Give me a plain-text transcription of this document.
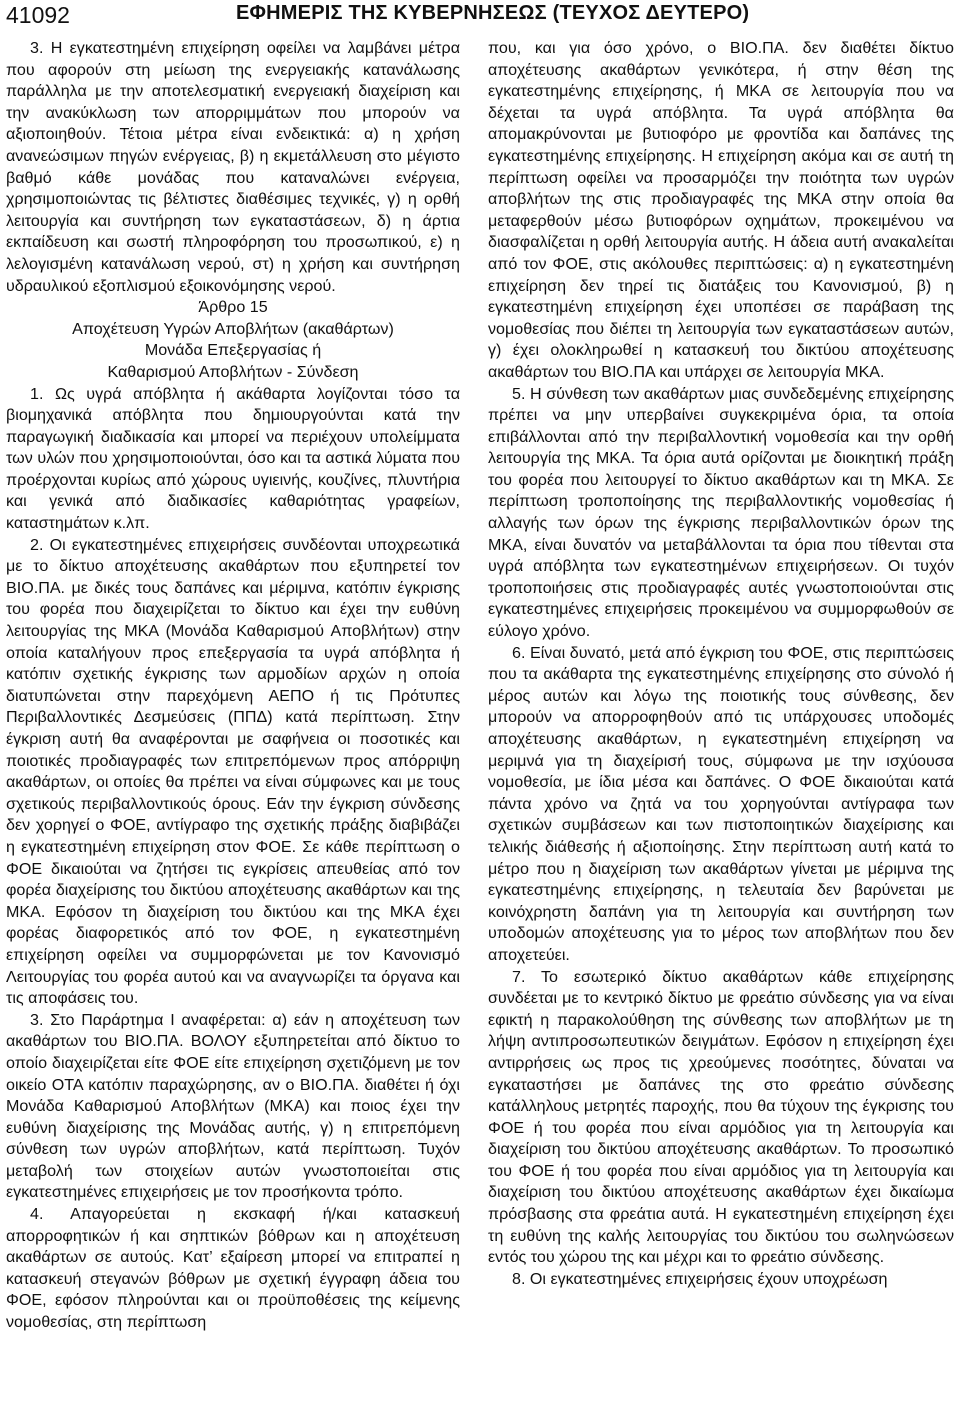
41092	ΕΦΗΜΕΡΙΣ ΤΗΣ ΚΥΒΕΡΝΗΣΕΩΣ (ΤΕΥΧΟΣ ΔΕΥΤΕΡΟ)

3. Η εγκατεστημένη επιχείρηση οφείλει να λαμβάνει μέτρα που αφορούν στη μείωση της ενεργειακής κατανάλωσης παράλληλα με την αποτελεσματική ενεργειακή διαχείριση και την ανακύκλωση των απορριμμάτων που μπορούν να αξιοποιηθούν. Τέτοια μέτρα είναι ενδεικτικά: α) η χρήση ανανεώσιμων πηγών ενέργειας, β) η εκμετάλλευση στο μέγιστο βαθμό κάθε μονάδας που καταναλώνει ενέργεια, χρησιμοποιώντας τις βέλτιστες διαθέσιμες τεχνικές, γ) η ορθή λειτουργία και συντήρηση των εγκαταστάσεων, δ) η άρτια εκπαίδευση και σωστή πληροφόρηση του προσωπικού, ε) η λελογισμένη κατανάλωση νερού, στ) η χρήση και συντήρηση υδραυλικού εξοπλισμού εξοικονόμησης νερού.

Άρθρο 15

Αποχέτευση Υγρών Αποβλήτων (ακαθάρτων)

Μονάδα Επεξεργασίας ή

Καθαρισμού Αποβλήτων - Σύνδεση

1. Ως υγρά απόβλητα ή ακάθαρτα λογίζονται τόσο τα βιομηχανικά απόβλητα που δημιουργούνται κατά την παραγωγική διαδικασία και μπορεί να περιέχουν υπολείμματα των υλών που χρησιμοποιούνται, όσο και τα αστικά λύματα που προέρχονται κυρίως από χώρους υγιεινής, κουζίνες, πλυντήρια και γενικά από διαδικασίες καθαριότητας γραφείων, καταστημάτων κ.λπ.

2. Οι εγκατεστημένες επιχειρήσεις συνδέονται υποχρεωτικά με το δίκτυο αποχέτευσης ακαθάρτων που εξυπηρετεί τον ΒΙΟ.ΠΑ. με δικές τους δαπάνες και μέριμνα, κατόπιν έγκρισης του φορέα που διαχειρίζεται το δίκτυο και έχει την ευθύνη λειτουργίας της ΜΚΑ (Μονάδα Καθαρισμού Αποβλήτων) στην οποία καταλήγουν προς επεξεργασία τα υγρά απόβλητα ή κατόπιν σχετικής έγκρισης των αρμοδίων αρχών η οποία διατυπώνεται στην παρεχόμενη ΑΕΠΟ ή τις Πρότυπες Περιβαλλοντικές Δεσμεύσεις (ΠΠΔ) κατά περίπτωση. Στην έγκριση αυτή θα αναφέρονται με σαφήνεια οι ποσοτικές και ποιοτικές προδιαγραφές των επιτρεπόμενων προς απόρριψη ακαθάρτων, οι οποίες θα πρέπει να είναι σύμφωνες και με τους σχετικούς περιβαλλοντικούς όρους. Εάν την έγκριση σύνδεσης δεν χορηγεί ο ΦΟΕ, αντίγραφο της σχετικής πράξης διαβιβάζει η εγκατεστημένη επιχείρηση στον ΦΟΕ. Σε κάθε περίπτωση ο ΦΟΕ δικαιούται να ζητήσει τις εγκρίσεις απευθείας από τον φορέα διαχείρισης του δικτύου αποχέτευσης ακαθάρτων και της ΜΚΑ. Εφόσον τη διαχείριση του δικτύου και της ΜΚΑ έχει φορέας διαφορετικός από τον ΦΟΕ, η εγκατεστημένη επιχείρηση οφείλει να συμμορφώνεται με τον Κανονισμό Λειτουργίας του φορέα αυτού και να αναγνωρίζει τα όργανα και τις αποφάσεις του.

3. Στο Παράρτημα Ι αναφέρεται: α) εάν η αποχέτευση των ακαθάρτων του ΒΙΟ.ΠΑ. ΒΟΛΟΥ εξυπηρετείται από δίκτυο το οποίο διαχειρίζεται είτε ΦΟΕ είτε επιχείρηση σχετιζόμενη με τον οικείο ΟΤΑ κατόπιν παραχώρησης, αν ο ΒΙΟ.ΠΑ. διαθέτει ή όχι Μονάδα Καθαρισμού Αποβλήτων (ΜΚΑ) και ποιος έχει την ευθύνη διαχείρισης της Μονάδας αυτής, γ) η επιτρεπόμενη σύνθεση των υγρών αποβλήτων, κατά περίπτωση. Τυχόν μεταβολή των στοιχείων αυτών γνωστοποιείται στις εγκατεστημένες επιχειρήσεις με τον προσήκοντα τρόπο.

4. Απαγορεύεται η εκσκαφή ή/και κατασκευή απορροφητικών ή και σηπτικών βόθρων και η αποχέτευση ακαθάρτων σε αυτούς. Κατ’ εξαίρεση μπορεί να επιτραπεί η κατασκευή στεγανών βόθρων με σχετική έγγραφη άδεια του ΦΟΕ, εφόσον πληρούνται και οι προϋποθέσεις της κείμενης νομοθεσίας, στη περίπτωση

που, και για όσο χρόνο, ο ΒΙΟ.ΠΑ. δεν διαθέτει δίκτυο αποχέτευσης ακαθάρτων γενικότερα, ή στην θέση της εγκατεστημένης επιχείρησης, ή ΜΚΑ σε λειτουργία που να δέχεται τα υγρά απόβλητα. Τα υγρά απόβλητα θα απομακρύνονται με βυτιοφόρο με φροντίδα και δαπάνες της εγκατεστημένης επιχείρησης. Η επιχείρηση ακόμα και σε αυτή τη περίπτωση οφείλει να προσαρμόζει την ποιότητα των υγρών αποβλήτων της στις προδιαγραφές της ΜΚΑ στην οποία θα μεταφερθούν μέσω βυτιοφόρων οχημάτων, προκειμένου να διασφαλίζεται η ορθή λειτουργία αυτής. Η άδεια αυτή ανακαλείται από τον ΦΟΕ, στις ακόλουθες περιπτώσεις: α) η εγκατεστημένη επιχείρηση δεν τηρεί τις διατάξεις του Κανονισμού, β) η εγκατεστημένη επιχείρηση έχει υποπέσει σε παράβαση της νομοθεσίας που διέπει τη λειτουργία των εγκαταστάσεων αυτών, γ) έχει ολοκληρωθεί η κατασκευή του δικτύου αποχέτευσης ακαθάρτων του ΒΙΟ.ΠΑ και υπάρχει σε λειτουργία ΜΚΑ.

5. Η σύνθεση των ακαθάρτων μιας συνδεδεμένης επιχείρησης πρέπει να μην υπερβαίνει συγκεκριμένα όρια, τα οποία επιβάλλονται από την περιβαλλοντική νομοθεσία και την ορθή λειτουργία της ΜΚΑ. Τα όρια αυτά ορίζονται με διοικητική πράξη του φορέα που λειτουργεί το δίκτυο ακαθάρτων και τη ΜΚΑ. Σε περίπτωση τροποποίησης της περιβαλλοντικής νομοθεσίας ή αλλαγής των όρων της έγκρισης περιβαλλοντικών όρων της ΜΚΑ, είναι δυνατόν να μεταβάλλονται τα όρια που τίθενται στα υγρά απόβλητα των εγκατεστημένων επιχειρήσεων. Οι τυχόν τροποποιήσεις στις προδιαγραφές αυτές γνωστοποιούνται στις εγκατεστημένες επιχειρήσεις προκειμένου να συμμορφωθούν σε εύλογο χρόνο.

6. Είναι δυνατό, μετά από έγκριση του ΦΟΕ, στις περιπτώσεις που τα ακάθαρτα της εγκατεστημένης επιχείρησης στο σύνολό ή μέρος αυτών και λόγω της ποιοτικής τους σύνθεσης, δεν μπορούν να απορροφηθούν από τις υπάρχουσες υποδομές αποχέτευσης ακαθάρτων, η εγκατεστημένη επιχείρηση να μεριμνά για τη διαχείρισή τους, σύμφωνα με την ισχύουσα νομοθεσία, με ίδια μέσα και δαπάνες. Ο ΦΟΕ δικαιούται κατά πάντα χρόνο να ζητά να του χορηγούνται αντίγραφα των σχετικών συμβάσεων και των πιστοποιητικών διαχείρισης και τελικής διάθεσής ή αξιοποίησης. Στην περίπτωση αυτή κατά το μέτρο που η διαχείριση των ακαθάρτων γίνεται με μέριμνα της εγκατεστημένης επιχείρησης, η τελευταία δεν βαρύνεται με κοινόχρηστη δαπάνη για τη λειτουργία και συντήρηση των υποδομών αποχέτευσης για το μέρος των αποβλήτων που δεν αποχετεύει.

7. Το εσωτερικό δίκτυο ακαθάρτων κάθε επιχείρησης συνδέεται με το κεντρικό δίκτυο με φρεάτιο σύνδεσης για να είναι εφικτή η παρακολούθηση της σύνθεσης των αποβλήτων με τη λήψη αντιπροσωπευτικών δειγμάτων. Εφόσον η επιχείρηση έχει αντιρρήσεις ως προς τις χρεούμενες ποσότητες, δύναται να εγκαταστήσει με δαπάνες της στο φρεάτιο σύνδεσης κατάλληλους μετρητές παροχής, που θα τύχουν της έγκρισης του ΦΟΕ ή του φορέα που είναι αρμόδιος για τη λειτουργία και διαχείριση του δικτύου αποχέτευσης ακαθάρτων. Το προσωπικό του ΦΟΕ ή του φορέα που είναι αρμόδιος για τη λειτουργία και διαχείριση του δικτύου αποχέτευσης ακαθάρτων έχει δικαίωμα πρόσβασης στα φρεάτια αυτά. Η εγκατεστημένη επιχείρηση έχει τη ευθύνη της καλής λειτουργίας του δικτύου του σωληνώσεων εντός του χώρου της και μέχρι και το φρεάτιο σύνδεσης.

8. Οι εγκατεστημένες επιχειρήσεις έχουν υποχρέωση
